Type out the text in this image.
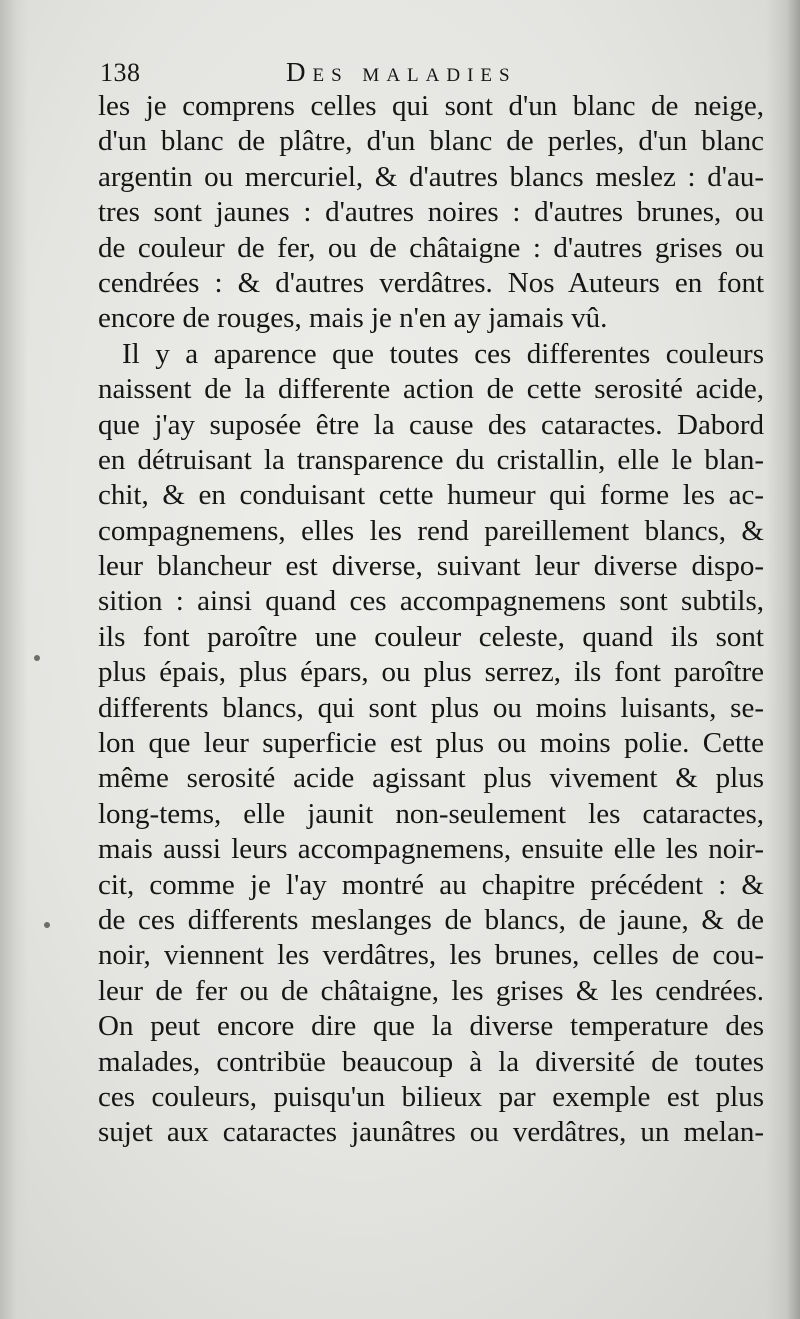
138	Des maladies
les je comprens celles qui sont d'un blanc de neige,
d'un blanc de plâtre, d'un blanc de perles, d'un blanc
argentin ou mercuriel, & d'autres blancs meslez : d'au-
tres sont jaunes : d'autres noires : d'autres brunes, ou
de couleur de fer, ou de châtaigne : d'autres grises ou
cendrées : & d'autres verdâtres. Nos Auteurs en font
encore de rouges, mais je n'en ay jamais vû.
Il y a aparence que toutes ces differentes couleurs
naissent de la differente action de cette serosité acide,
que j'ay suposée être la cause des cataractes. Dabord
en détruisant la transparence du cristallin, elle le blan-
chit, & en conduisant cette humeur qui forme les ac-
compagnemens, elles les rend pareillement blancs, &
leur blancheur est diverse, suivant leur diverse dispo-
sition : ainsi quand ces accompagnemens sont subtils,
ils font paroître une couleur celeste, quand ils sont
plus épais, plus épars, ou plus serrez, ils font paroître
differents blancs, qui sont plus ou moins luisants, se-
lon que leur superficie est plus ou moins polie. Cette
même serosité acide agissant plus vivement & plus
long-tems, elle jaunit non-seulement les cataractes,
mais aussi leurs accompagnemens, ensuite elle les noir-
cit, comme je l'ay montré au chapitre précédent : &
de ces differents meslanges de blancs, de jaune, & de
noir, viennent les verdâtres, les brunes, celles de cou-
leur de fer ou de châtaigne, les grises & les cendrées.
On peut encore dire que la diverse temperature des
malades, contribüe beaucoup à la diversité de toutes
ces couleurs, puisqu'un bilieux par exemple est plus
sujet aux cataractes jaunâtres ou verdâtres, un melan-
